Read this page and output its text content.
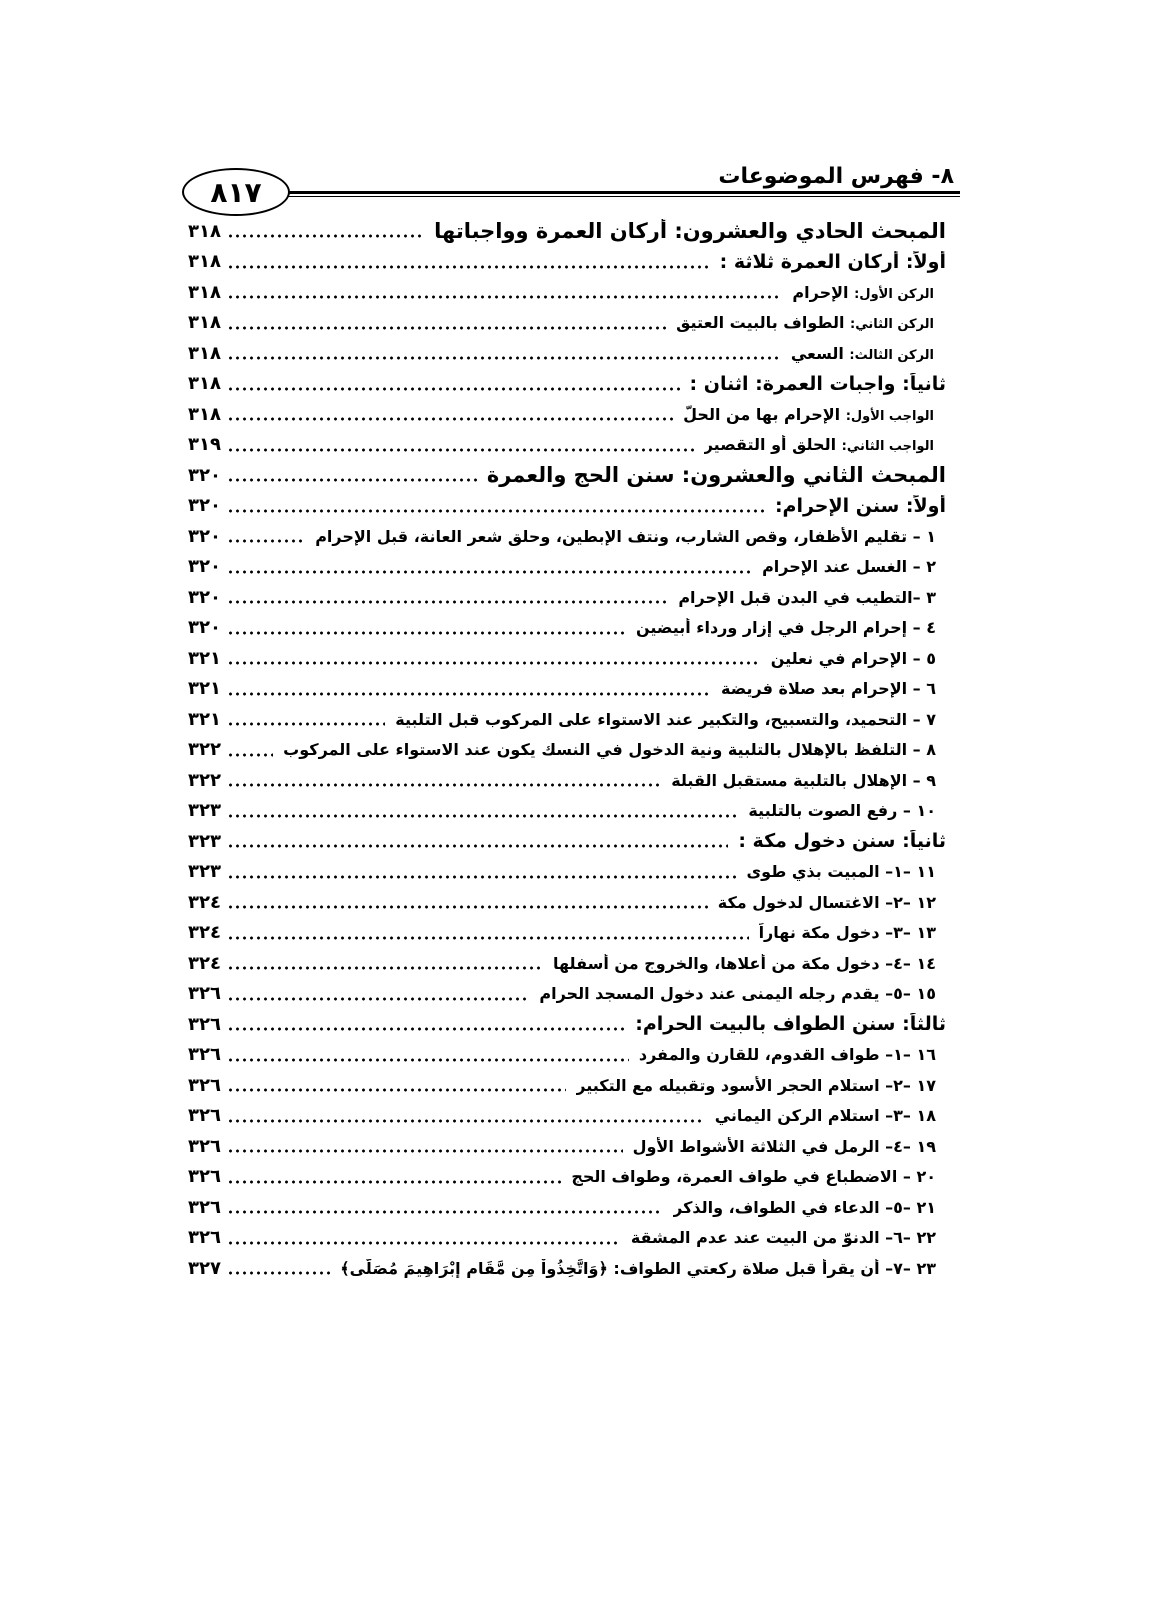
٨- فهرس الموضوعات
٨١٧
المبحث الحادي والعشرون: أركان العمرة وواجباتها
٣١٨
أولاً: أركان العمرة ثلاثة :
٣١٨
الركن الأول: الإحرام
٣١٨
الركن الثاني: الطواف بالبيت العتيق
٣١٨
الركن الثالث: السعي
٣١٨
ثانياً: واجبات العمرة: اثنان :
٣١٨
الواجب الأول: الإحرام بها من الحلّ
٣١٨
الواجب الثاني: الحلق أو التقصير
٣١٩
المبحث الثاني والعشرون: سنن الحج والعمرة
٣٢٠
أولاً: سنن الإحرام:
٣٢٠
١ – تقليم الأظفار، وقص الشارب، ونتف الإبطين، وحلق شعر العانة، قبل الإحرام
٣٢٠
٢ – الغسل عند الإحرام
٣٢٠
٣ –التطيب في البدن قبل الإحرام
٣٢٠
٤ – إحرام الرجل في إزار ورداء أبيضين
٣٢٠
٥ – الإحرام في نعلين
٣٢١
٦ – الإحرام بعد صلاة فريضة
٣٢١
٧ – التحميد، والتسبيح، والتكبير عند الاستواء على المركوب قبل التلبية
٣٢١
٨ – التلفظ بالإهلال بالتلبية ونية الدخول في النسك يكون عند الاستواء على المركوب
٣٢٢
٩ – الإهلال بالتلبية مستقبل القبلة
٣٢٢
١٠ – رفع الصوت بالتلبية
٣٢٣
ثانياً: سنن دخول مكة :
٣٢٣
١١ –١– المبيت بذي طوى
٣٢٣
١٢ –٢– الاغتسال لدخول مكة
٣٢٤
١٣ –٣– دخول مكة نهاراً
٣٢٤
١٤ –٤– دخول مكة من أعلاها، والخروج من أسفلها
٣٢٤
١٥ –٥– يقدم رجله اليمنى عند دخول المسجد الحرام
٣٢٦
ثالثاً: سنن الطواف بالبيت الحرام:
٣٢٦
١٦ –١– طواف القدوم، للقارن والمفرد
٣٢٦
١٧ –٢– استلام الحجر الأسود وتقبيله مع التكبير
٣٢٦
١٨ –٣– استلام الركن اليماني
٣٢٦
١٩ –٤– الرمل في الثلاثة الأشواط الأُول
٣٢٦
٢٠ – الاضطباع في طواف العمرة، وطواف الحج
٣٢٦
٢١ –٥– الدعاء في الطواف، والذكر
٣٢٦
٢٢ –٦– الدنوّ من البيت عند عدم المشقة
٣٢٦
٢٣ –٧– أن يقرأ قبل صلاة ركعتي الطواف: ﴿وَاتَّخِذُواْ مِن مَّقَامِ إِبْرَاهِيمَ مُصَلًّى﴾
٣٢٧
